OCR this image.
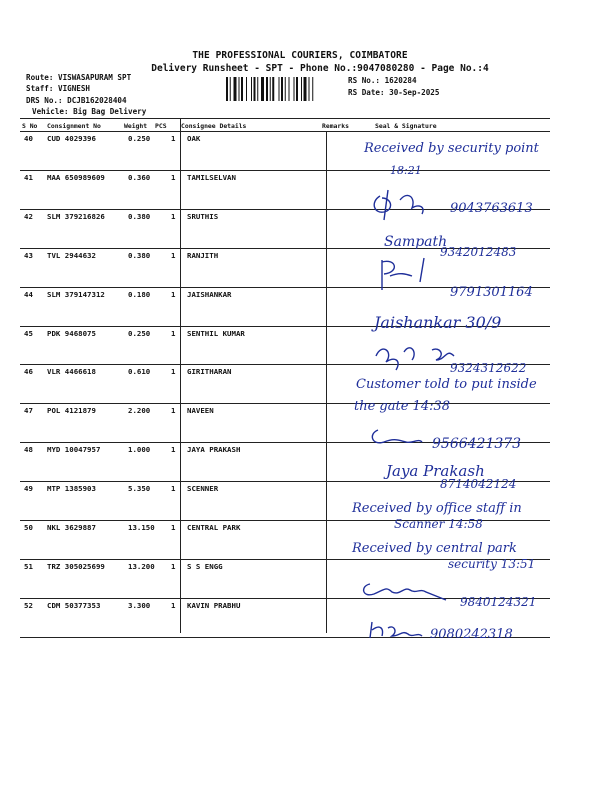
THE PROFESSIONAL COURIERS, COIMBATORE
Delivery Runsheet - SPT - Phone No.:9047080280 - Page No.:4
Route: VISWASAPURAM SPT
Staff: VIGNESH
DRS No.: DCJB162028404
Vehicle: Big Bag Delivery
RS No.: 1620284
RS Date: 30-Sep-2025
S No Consignment No	Weight PCS Consignee Details	Remarks	Seal & Signature
40 CUD 4029396	0.250	1 OAK
41 MAA 650989609	0.360	1 TAMILSELVAN
42 SLM 379216826	0.380	1 SRUTHIS
43 TVL 2944632	0.380	1 RANJITH
44 SLM 379147312	0.180	1 JAISHANKAR
45 PDK 9468075	0.250	1 SENTHIL KUMAR
46 VLR 4466618	0.610	1 GIRITHARAN
47 POL 4121879	2.200	1 NAVEEN
48 MYD 10047957	1.000	1 JAYA PRAKASH
49 MTP 1385903	5.350	1 SCENNER
50 NKL 3629887	13.150 1 CENTRAL PARK
51 TRZ 305025699	13.200 1 S S ENGG
52 CDM 50377353	3.300	1 KAVIN PRABHU
Received by security point
18:21
9043763613
Sampath
9342012483
9791301164
Jaishankar 30/9
9324312622
Customer told to put inside
the gate 14:38
9566421373
Jaya Prakash
8714042124
Received by office staff in
Scanner 14:58
Received by central park
security 13:51
9840124321
9080242318
